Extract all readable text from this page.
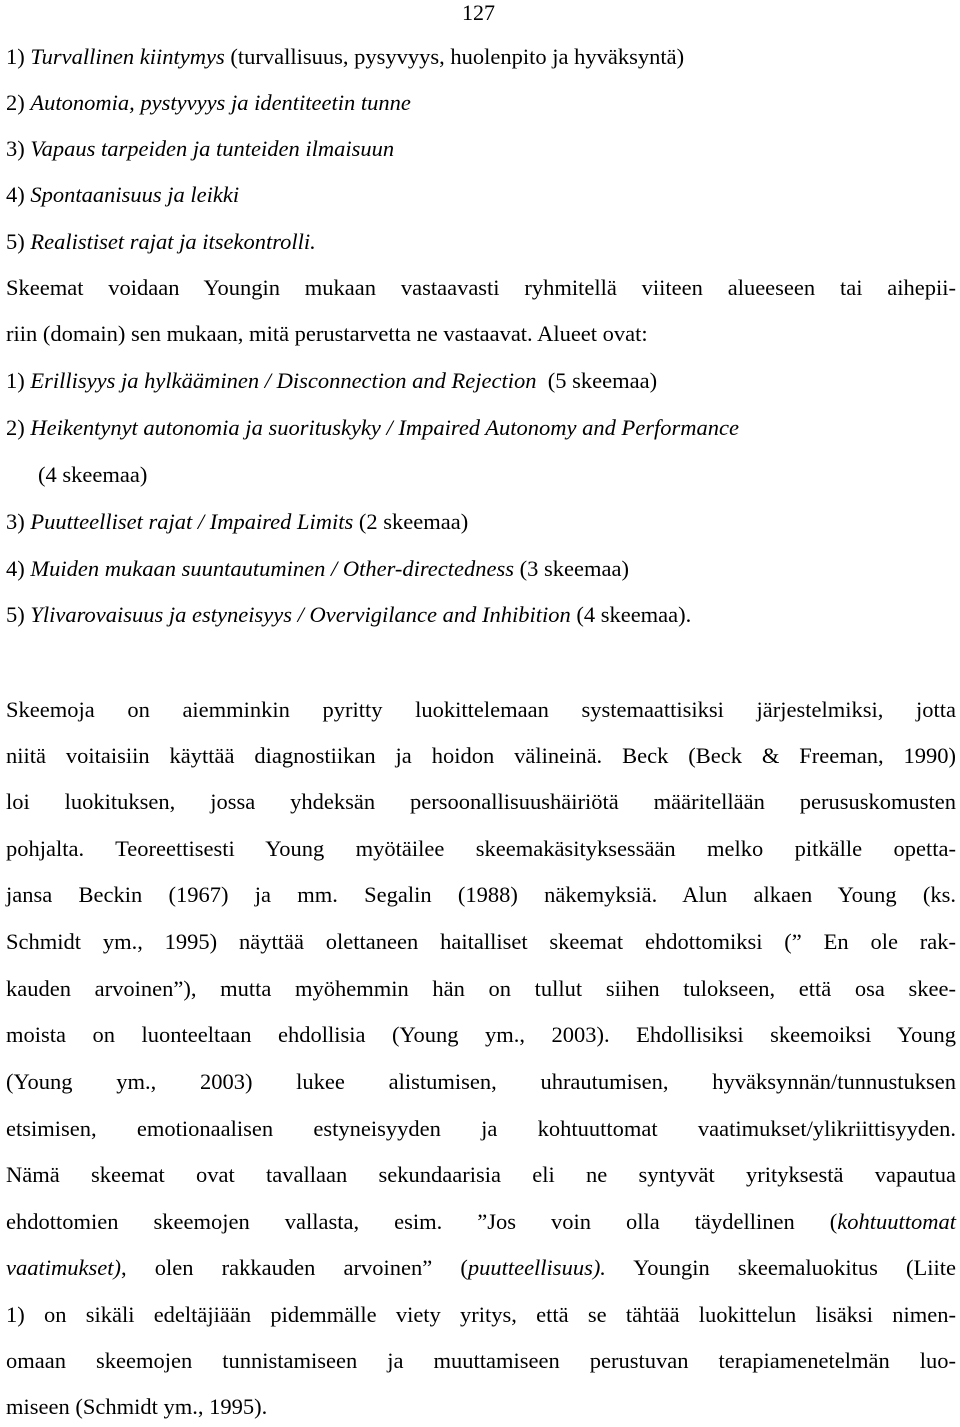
127
1) Turvallinen kiintymys (turvallisuus, pysyvyys, huolenpito ja hyväksyntä)
2) Autonomia, pystyvyys ja identiteetin tunne
3) Vapaus tarpeiden ja tunteiden ilmaisuun
4) Spontaanisuus ja leikki
5) Realistiset rajat ja itsekontrolli.
Skeemat voidaan Youngin mukaan vastaavasti ryhmitellä viiteen alueeseen tai aihepii-
riin (domain) sen mukaan, mitä perustarvetta ne vastaavat. Alueet ovat:
1) Erillisyys ja hylkääminen / Disconnection and Rejection  (5 skeemaa)
2) Heikentynyt autonomia ja suorituskyky / Impaired Autonomy and Performance
(4 skeemaa)
3) Puutteelliset rajat / Impaired Limits (2 skeemaa)
4) Muiden mukaan suuntautuminen / Other-directedness (3 skeemaa)
5) Ylivarovaisuus ja estyneisyys / Overvigilance and Inhibition (4 skeemaa).
Skeemoja on aiemminkin pyritty luokittelemaan systemaattisiksi järjestelmiksi, jotta
niitä voitaisiin käyttää diagnostiikan ja hoidon välineinä. Beck (Beck & Freeman, 1990)
loi luokituksen, jossa yhdeksän persoonallisuushäiriötä määritellään perususkomusten
pohjalta. Teoreettisesti Young myötäilee skeemakäsityksessään melko pitkälle opetta-
jansa Beckin (1967) ja mm. Segalin (1988) näkemyksiä. Alun alkaen Young (ks.
Schmidt ym., 1995) näyttää olettaneen haitalliset skeemat ehdottomiksi (” En ole rak-
kauden arvoinen”), mutta myöhemmin hän on tullut siihen tulokseen, että osa skee-
moista on luonteeltaan ehdollisia (Young ym., 2003). Ehdollisiksi skeemoiksi Young
(Young ym., 2003) lukee alistumisen, uhrautumisen, hyväksynnän/tunnustuksen
etsimisen, emotionaalisen estyneisyyden ja kohtuuttomat vaatimukset/ylikriittisyyden.
Nämä skeemat ovat tavallaan sekundaarisia eli ne syntyvät yrityksestä vapautua
ehdottomien skeemojen vallasta, esim. ”Jos voin olla täydellinen (kohtuuttomat
vaatimukset), olen rakkauden arvoinen” (puutteellisuus). Youngin skeemaluokitus (Liite
1) on sikäli edeltäjiään pidemmälle viety yritys, että se tähtää luokittelun lisäksi nimen-
omaan skeemojen tunnistamiseen ja muuttamiseen perustuvan terapiamenetelmän luo-
miseen (Schmidt ym., 1995).
